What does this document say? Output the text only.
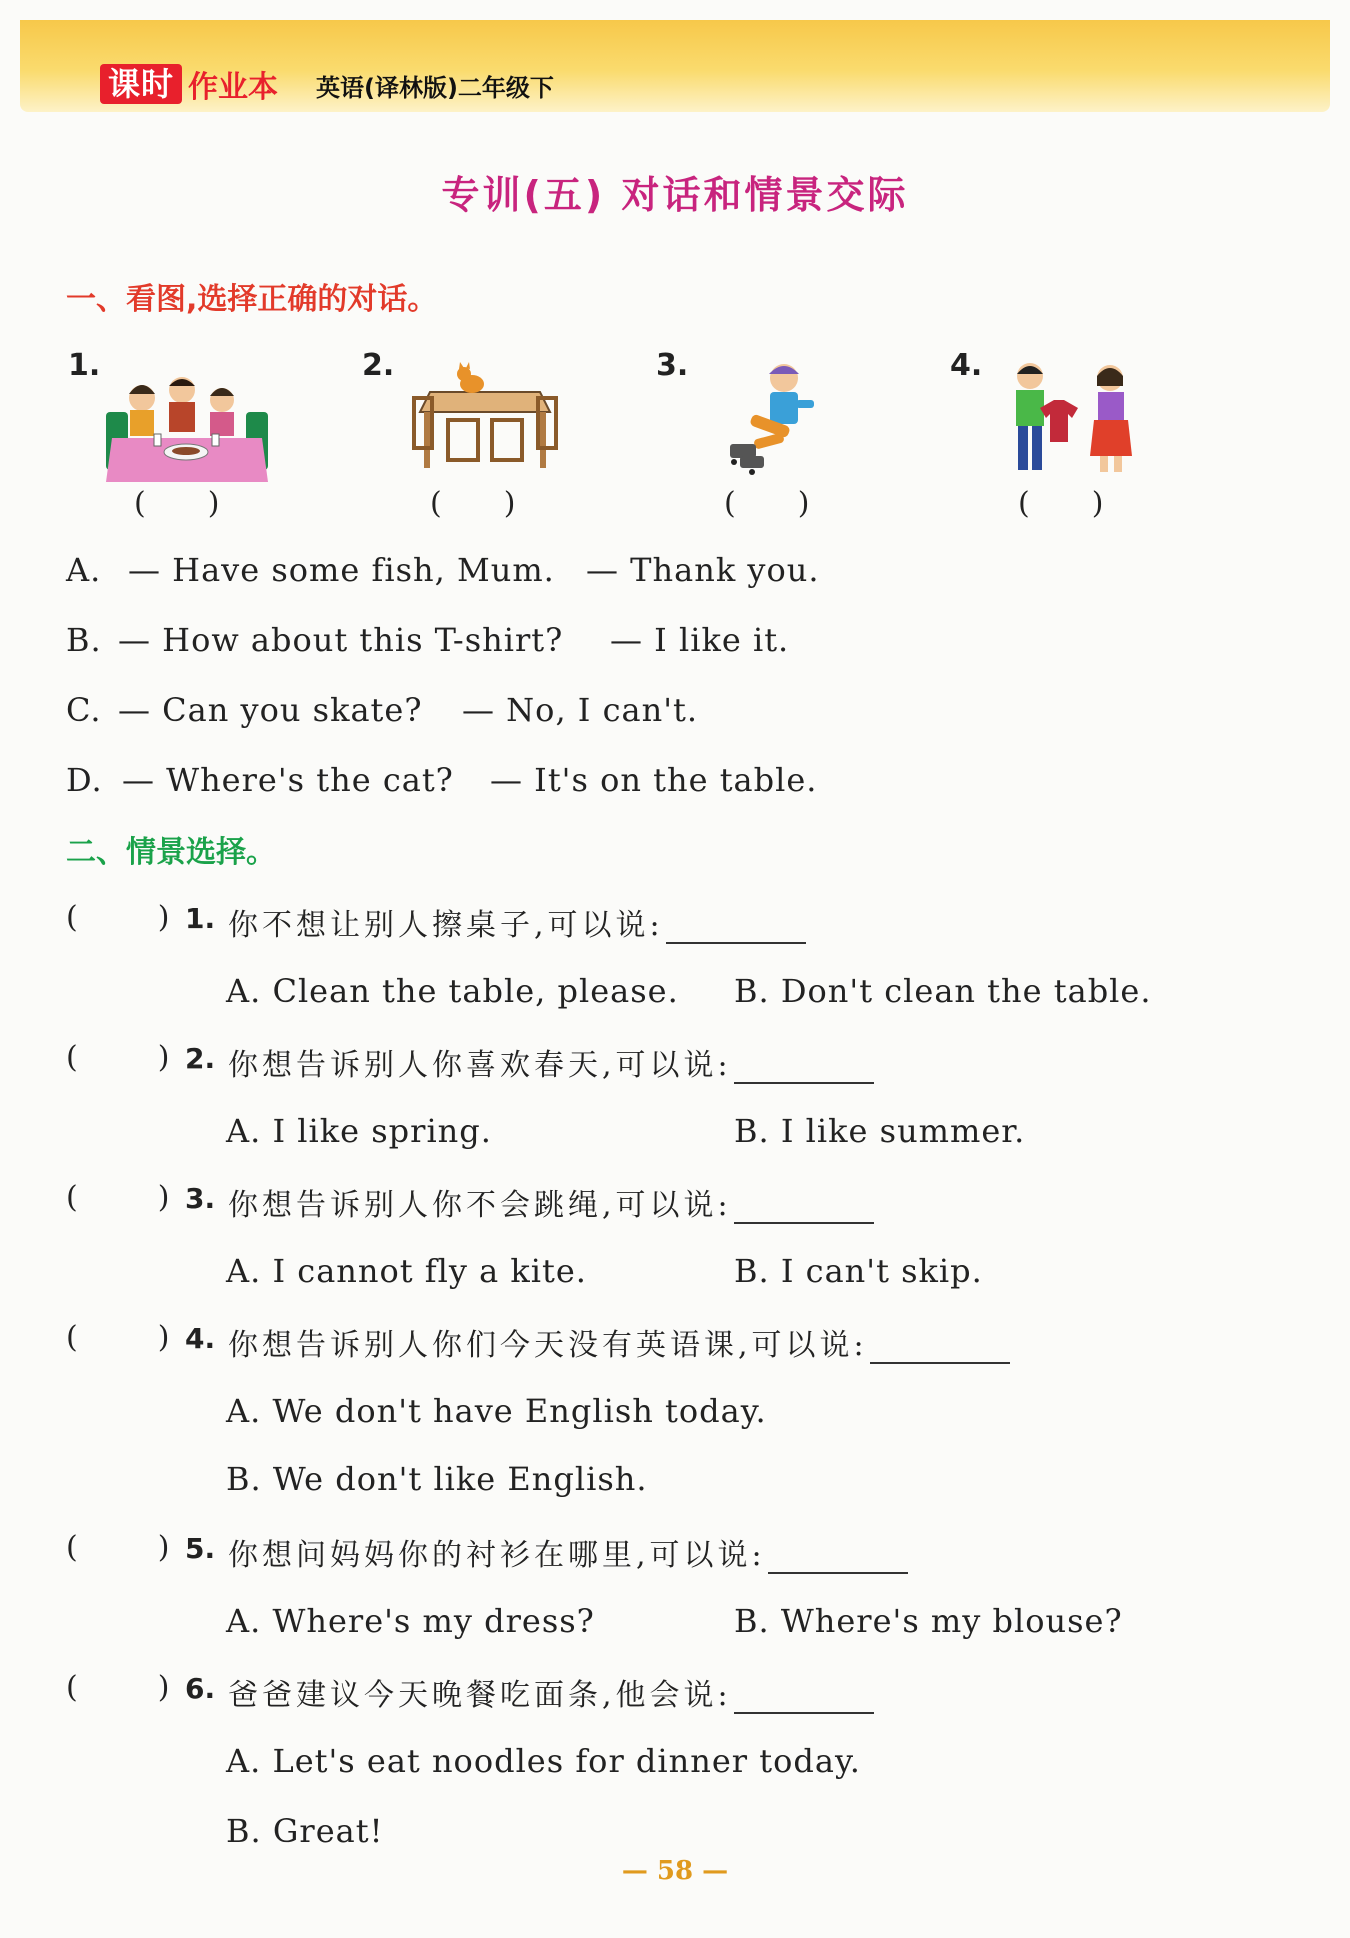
课时 作业本 英语(译林版)二年级下
专训(五) 对话和情景交际
一、看图,选择正确的对话。
1.	2.	3.	4.
( )	( )	( )	( )
A. — Have some fish, Mum. — Thank you.
B. — How about this T-shirt? — I like it.
C. — Can you skate? — No, I can't.
D. — Where's the cat? — It's on the table.
二、情景选择。
(	) 1. 你不想让别人擦桌子,可以说:
A. Clean the table, please. B. Don't clean the table.
(	) 2. 你想告诉别人你喜欢春天,可以说:
A. I like spring.	B. I like summer.
(	) 3. 你想告诉别人你不会跳绳,可以说:
A. I cannot fly a kite.	B. I can't skip.
(	) 4. 你想告诉别人你们今天没有英语课,可以说:
A. We don't have English today.
B. We don't like English.
(	) 5. 你想问妈妈你的衬衫在哪里,可以说:
A. Where's my dress?	B. Where's my blouse?
(	) 6. 爸爸建议今天晚餐吃面条,他会说:
A. Let's eat noodles for dinner today.
B. Great!
— 58 —
